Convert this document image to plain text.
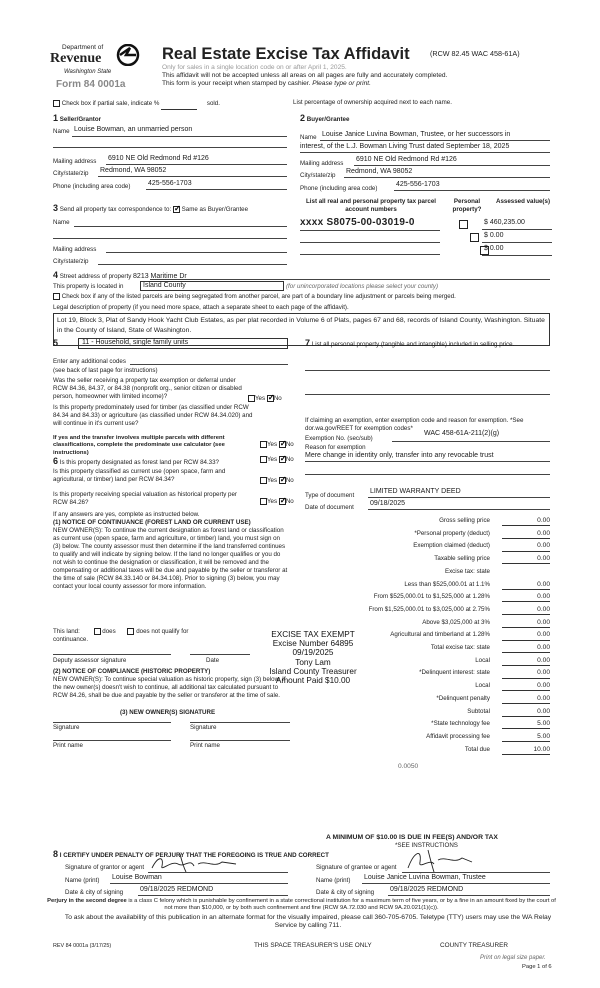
Department of
Revenue
Washington State
Form 84 0001a
Real Estate Excise Tax Affidavit	(RCW 82.45 WAC 458-61A)
Only for sales in a single location code on or after April 1, 2025.
This affidavit will not be accepted unless all areas on all pages are fully and accurately completed.
This form is your receipt when stamped by cashier. Please type or print.
Check box if partial sale, indicate %	sold.	List percentage of ownership acquired next to each name.
1 Seller/Grantor
Name Louise Bowman, an unmarried person
Mailing address 6910 NE Old Redmond Rd #126
City/state/zip Redmond, WA 98052
Phone (including area code)	425-556-1703
2 Buyer/Grantee
Name Louise Janice Luvina Bowman, Trustee, or her successors in
interest, of the L.J. Bowman Living Trust dated September 18, 2025
Mailing address
6910 NE Old Redmond Rd #126
City/state/zip
Redmond, WA 98052
Phone (including area code)
425-556-1703
3 Send all property tax correspondence to: ✓ Same as Buyer/Grantee
Name
Mailing address
City/state/zip
List all real and personal property tax parcel account numbers
Personal property?
Assessed value(s)
xxxx S8075-00-03019-0
	$ 460,235.00
$ 0.00
$ 0.00
4 Street address of property 8213 Maritime Dr
This property is located in	Island County	(for unincorporated locations please select your county)
Check box if any of the listed parcels are being segregated from another parcel, are part of a boundary line adjustment or parcels being merged.
Legal description of property (if you need more space, attach a separate sheet to each page of the affidavit).
Lot 19, Block 3, Plat of Sandy Hook Yacht Club Estates, as per plat recorded in Volume 6 of Plats, pages 67 and 68, records of Island County, Washington. Situate in the County of Island, State of Washington.
5	11 - Household, single family units
Enter any additional codes
(see back of last page for instructions)
Was the seller receiving a property tax exemption or deferral under RCW 84.36, 84.37, or 84.38 (nonprofit org., senior citizen or disabled person, homeowner with limited income)?	Yes ✓ No
Is this property predominately used for timber (as classified under RCW 84.34 and 84.33) or agriculture (as classified under RCW 84.34.020) and will continue in it's current use?
If yes and the transfer involves multiple parcels with different classifications, complete the predominate use calculator (see instructions)
Yes ✓ No
6 Is this property designated as forest land per RCW 84.33?	Yes ✓ No
Is this property classified as current use (open space, farm and agricultural, or timber) land per RCW 84.34?	Yes ✓ No
Is this property receiving special valuation as historical property per RCW 84.26?	Yes ✓ No
If any answers are yes, complete as instructed below.
(1) NOTICE OF CONTINUANCE (FOREST LAND OR CURRENT USE)
NEW OWNER(S): To continue the current designation as forest land or classification as current use (open space, farm and agriculture, or timber) land, you must sign on (3) below. The county assessor must then determine if the land transferred continues to qualify and will indicate by signing below. If the land no longer qualifies or you do not wish to continue the designation or classification, it will be removed and the compensating or additional taxes will be due and payable by the seller or transferor at the time of sale (RCW 84.33.140 or 84.34.108). Prior to signing (3) below, you may contact your local county assessor for more information.
This land:	does	does not qualify for
continuance.
Deputy assessor signature	Date
(2) NOTICE OF COMPLIANCE (HISTORIC PROPERTY)
NEW OWNER(S): To continue special valuation as historic property, sign (3) below. If the new owner(s) doesn't wish to continue, all additional tax calculated pursuant to RCW 84.26, shall be due and payable by the seller or transferor at the time of sale.
(3) NEW OWNER(S) SIGNATURE
Signature	Signature
Print name	Print name
EXCISE TAX EXEMPT
Excise Number 64895
09/19/2025
Tony Lam
Island County Treasurer
Amount Paid $10.00
7 List all personal property (tangible and intangible) included in selling price.
If claiming an exemption, enter exemption code and reason for exemption. *See dor.wa.gov/REET for exemption codes*
Exemption No. (sec/sub)
WAC 458-61A-211(2)(g)
Reason for exemption
Mere change in identity only, transfer into any revocable trust
Type of document
LIMITED WARRANTY DEED
Date of document
09/18/2025
Gross selling price	0.00
*Personal property (deduct)	0.00
Exemption claimed (deduct)	0.00
Taxable selling price	0.00
Excise tax: state
Less than $525,000.01 at 1.1%	0.00
From $525,000.01 to $1,525,000 at 1.28%	0.00
From $1,525,000.01 to $3,025,000 at 2.75%	0.00
Above $3,025,000 at 3%	0.00
Agricultural and timberland at 1.28%	0.00
Total excise tax: state	0.00
Local	0.00
*Delinquent interest: state	0.00
Local	0.00
*Delinquent penalty	0.00
Subtotal	0.00
*State technology fee	5.00
Affidavit processing fee	5.00
Total due	10.00
0.0050
A MINIMUM OF $10.00 IS DUE IN FEE(S) AND/OR TAX
*SEE INSTRUCTIONS
8 I CERTIFY UNDER PENALTY OF PERJURY THAT THE FOREGOING IS TRUE AND CORRECT
Signature of grantor or agent
Name (print) Louise Bowman
Date & city of signing 09/18/2025 REDMOND
Signature of grantee or agent
Name (print) Louise Janice Luvina Bowman, Trustee
Date & city of signing 09/18/2025 REDMOND
Perjury in the second degree is a class C felony which is punishable by confinement in a state correctional institution for a maximum term of five years, or by a fine in an amount fixed by the court of not more than $10,000, or by both such confinement and fine (RCW 9A.72.030 and RCW 9A.20.021(1)(c)).
To ask about the availability of this publication in an alternate format for the visually impaired, please call 360-705-6705. Teletype (TTY) users may use the WA Relay Service by calling 711.
REV 84 0001a (3/17/25)	THIS SPACE TREASURER'S USE ONLY	COUNTY TREASURER
Print on legal size paper.
Page 1 of 6
